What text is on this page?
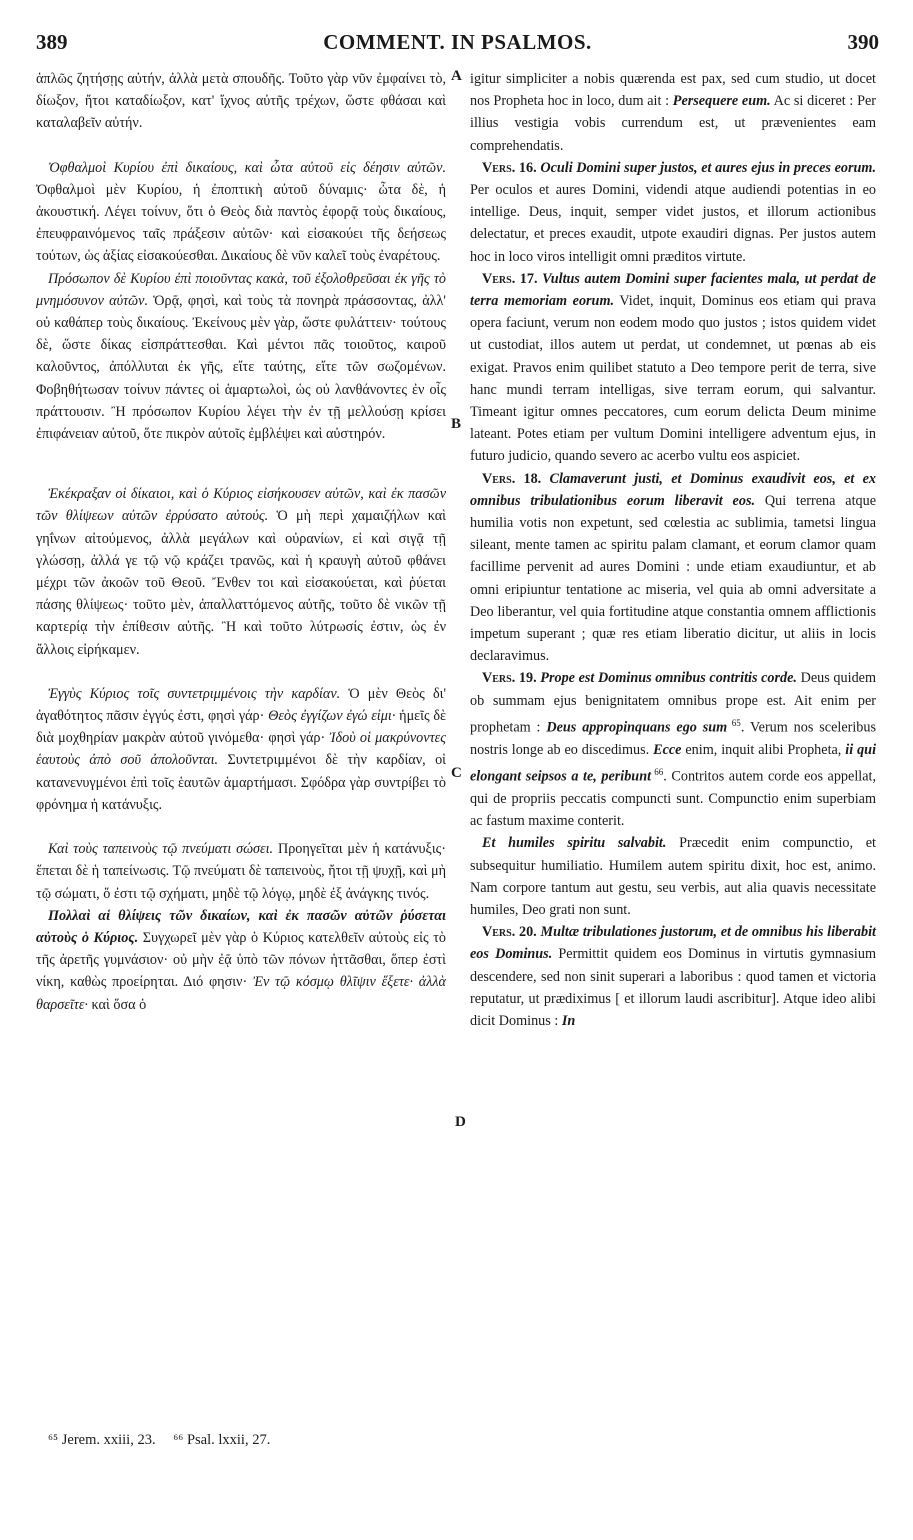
389	COMMENT. IN PSALMOS.	390
A
B
C
D

ἁπλῶς ζητήσῃς αὐτήν, ἀλλὰ μετὰ σπουδῆς. Τοῦτο γὰρ νῦν ἐμφαίνει τὸ, δίωξον, ἤτοι καταδίωξον, κατ' ἴχνος αὐτῆς τρέχων, ὥστε φθάσαι καὶ καταλαβεῖν αὐτήν.

Ὀφθαλμοὶ Κυρίου ἐπὶ δικαίους, καὶ ὦτα αὐτοῦ εἰς δέησιν αὐτῶν. Ὀφθαλμοὶ μὲν Κυρίου, ἡ ἐποπτικὴ αὐτοῦ δύναμις· ὦτα δὲ, ἡ ἀκουστική. Λέγει τοίνυν, ὅτι ὁ Θεὸς διὰ παντὸς ἐφορᾷ τοὺς δικαίους, ἐπευφραινόμενος ταῖς πράξεσιν αὐτῶν· καὶ εἰσακούει τῆς δεήσεως τούτων, ὡς ἀξίας εἰσακούεσθαι. Δικαίους δὲ νῦν καλεῖ τοὺς ἐναρέτους.

Πρόσωπον δὲ Κυρίου ἐπὶ ποιοῦντας κακὰ, τοῦ ἐξολοθρεῦσαι ἐκ γῆς τὸ μνημόσυνον αὐτῶν. Ὁρᾷ, φησὶ, καὶ τοὺς τὰ πονηρὰ πράσσοντας, ἀλλ' οὐ καθάπερ τοὺς δικαίους. Ἐκείνους μὲν γὰρ, ὥστε φυλάττειν· τούτους δὲ, ὥστε δίκας εἰσπράττεσθαι. Καὶ μέντοι πᾶς τοιοῦτος, καιροῦ καλοῦντος, ἀπόλλυται ἐκ γῆς, εἴτε ταύτης, εἴτε τῶν σωζομένων. Φοβηθήτωσαν τοίνυν πάντες οἱ ἁμαρτωλοὶ, ὡς οὐ λανθάνοντες ἐν οἷς πράττουσιν. Ἢ πρόσωπον Κυρίου λέγει τὴν ἐν τῇ μελλούσῃ κρίσει ἐπιφάνειαν αὐτοῦ, ὅτε πικρὸν αὐτοῖς ἐμβλέψει καὶ αὐστηρόν.

Ἐκέκραξαν οἱ δίκαιοι, καὶ ὁ Κύριος εἰσήκουσεν αὐτῶν, καὶ ἐκ πασῶν τῶν θλίψεων αὐτῶν ἐρρύσατο αὐτούς. Ὁ μὴ περὶ χαμαιζήλων καὶ γηΐνων αἰτούμενος, ἀλλὰ μεγάλων καὶ οὐρανίων, εἰ καὶ σιγᾷ τῇ γλώσσῃ, ἀλλά γε τῷ νῷ κράζει τρανῶς, καὶ ἡ κραυγὴ αὐτοῦ φθάνει μέχρι τῶν ἀκοῶν τοῦ Θεοῦ. Ἔνθεν τοι καὶ εἰσακούεται, καὶ ῥύεται πάσης θλίψεως· τοῦτο μὲν, ἀπαλλαττόμενος αὐτῆς, τοῦτο δὲ νικῶν τῇ καρτερίᾳ τὴν ἐπίθεσιν αὐτῆς. Ἢ καὶ τοῦτο λύτρωσίς ἐστιν, ὡς ἐν ἄλλοις εἰρήκαμεν.

Ἐγγὺς Κύριος τοῖς συντετριμμένοις τὴν καρδίαν. Ὁ μὲν Θεὸς δι' ἀγαθότητος πᾶσιν ἐγγύς ἐστι, φησὶ γάρ· Θεὸς ἐγγίζων ἐγώ εἰμι· ἡμεῖς δὲ διὰ μοχθηρίαν μακρὰν αὐτοῦ γινόμεθα· φησὶ γάρ· Ἰδοὺ οἱ μακρύνοντες ἑαυτοὺς ἀπὸ σοῦ ἀπολοῦνται. Συντετριμμένοι δὲ τὴν καρδίαν, οἱ κατανενυγμένοι ἐπὶ τοῖς ἑαυτῶν ἁμαρτήμασι. Σφόδρα γὰρ συντρίβει τὸ φρόνημα ἡ κατάνυξις.

Καὶ τοὺς ταπεινοὺς τῷ πνεύματι σώσει. Προηγεῖται μὲν ἡ κατάνυξις· ἕπεται δὲ ἡ ταπείνωσις. Τῷ πνεύματι δὲ ταπεινοὺς, ἤτοι τῇ ψυχῇ, καὶ μὴ τῷ σώματι, ὅ ἐστι τῷ σχήματι, μηδὲ τῷ λόγῳ, μηδὲ ἐξ ἀνάγκης τινός.

Πολλαὶ αἱ θλίψεις τῶν δικαίων, καὶ ἐκ πασῶν αὐτῶν ῥύσεται αὐτοὺς ὁ Κύριος. Συγχωρεῖ μὲν γὰρ ὁ Κύριος κατελθεῖν αὐτοὺς εἰς τὸ τῆς ἀρετῆς γυμνάσιον· οὐ μὴν ἐᾷ ὑπὸ τῶν πόνων ἡττᾶσθαι, ὅπερ ἐστὶ νίκη, καθὼς προείρηται. Διό φησιν· Ἐν τῷ κόσμῳ θλῖψιν ἕξετε· ἀλλὰ θαρσεῖτε· καὶ ὅσα ὁ

igitur simpliciter a nobis quærenda est pax, sed cum studio, ut docet nos Propheta hoc in loco, dum ait : Persequere eum. Ac si diceret : Per illius vestigia vobis currendum est, ut prævenientes eam comprehendatis.

Vers. 16. Oculi Domini super justos, et aures ejus in preces eorum. Per oculos et aures Domini, videndi atque audiendi potentias in eo intellige. Deus, inquit, semper videt justos, et illorum actionibus delectatur, et preces exaudit, utpote exaudiri dignas. Per justos autem hoc in loco viros intelligit omni præditos virtute.

Vers. 17. Vultus autem Domini super facientes mala, ut perdat de terra memoriam eorum. Videt, inquit, Dominus eos etiam qui prava opera faciunt, verum non eodem modo quo justos ; istos quidem videt ut custodiat, illos autem ut perdat, ut condemnet, ut pœnas ab eis exigat. Pravos enim quilibet statuto a Deo tempore perit de terra, sive hanc mundi terram intelligas, sive terram eorum, qui salvantur. Timeant igitur omnes peccatores, cum eorum delicta Deum minime lateant. Potes etiam per vultum Domini intelligere adventum ejus, in futuro judicio, quando severo ac acerbo vultu eos aspiciet.

Vers. 18. Clamaverunt justi, et Dominus exaudivit eos, et ex omnibus tribulationibus eorum liberavit eos. Qui terrena atque humilia votis non expetunt, sed cœlestia ac sublimia, tametsi lingua sileant, mente tamen ac spiritu palam clamant, et eorum clamor quam facillime pervenit ad aures Domini : unde etiam exaudiuntur, et ab omni eripiuntur tentatione ac miseria, vel quia ab omni adversitate a Deo liberantur, vel quia fortitudine atque constantia omnem afflictionis impetum superant ; quæ res etiam liberatio dicitur, ut aliis in locis declaravimus.

Vers. 19. Prope est Dominus omnibus contritis corde. Deus quidem ob summam ejus benignitatem omnibus prope est. Ait enim per prophetam : Deus appropinquans ego sum $^{65}$. Verum nos sceleribus nostris longe ab eo discedimus. Ecce enim, inquit alibi Propheta, ii qui elongant seipsos a te, peribunt $^{66}$. Contritos autem corde eos appellat, qui de propriis peccatis compuncti sunt. Compunctio enim superbiam ac fastum maxime conterit.

Et humiles spiritu salvabit. Præcedit enim compunctio, et subsequitur humiliatio. Humilem autem spiritu dixit, hoc est, animo. Nam corpore tantum aut gestu, seu verbis, aut alia quavis necessitate humiles, Deo grati non sunt.

Vers. 20. Multæ tribulationes justorum, et de omnibus his liberabit eos Dominus. Permittit quidem eos Dominus in virtutis gymnasium descendere, sed non sinit superari a laboribus : quod tamen et victoria reputatur, ut prædiximus [ et illorum laudi ascribitur]. Atque ideo alibi dicit Dominus : In

⁶⁵ Jerem. xxiii, 23. ⁶⁶ Psal. lxxii, 27.
